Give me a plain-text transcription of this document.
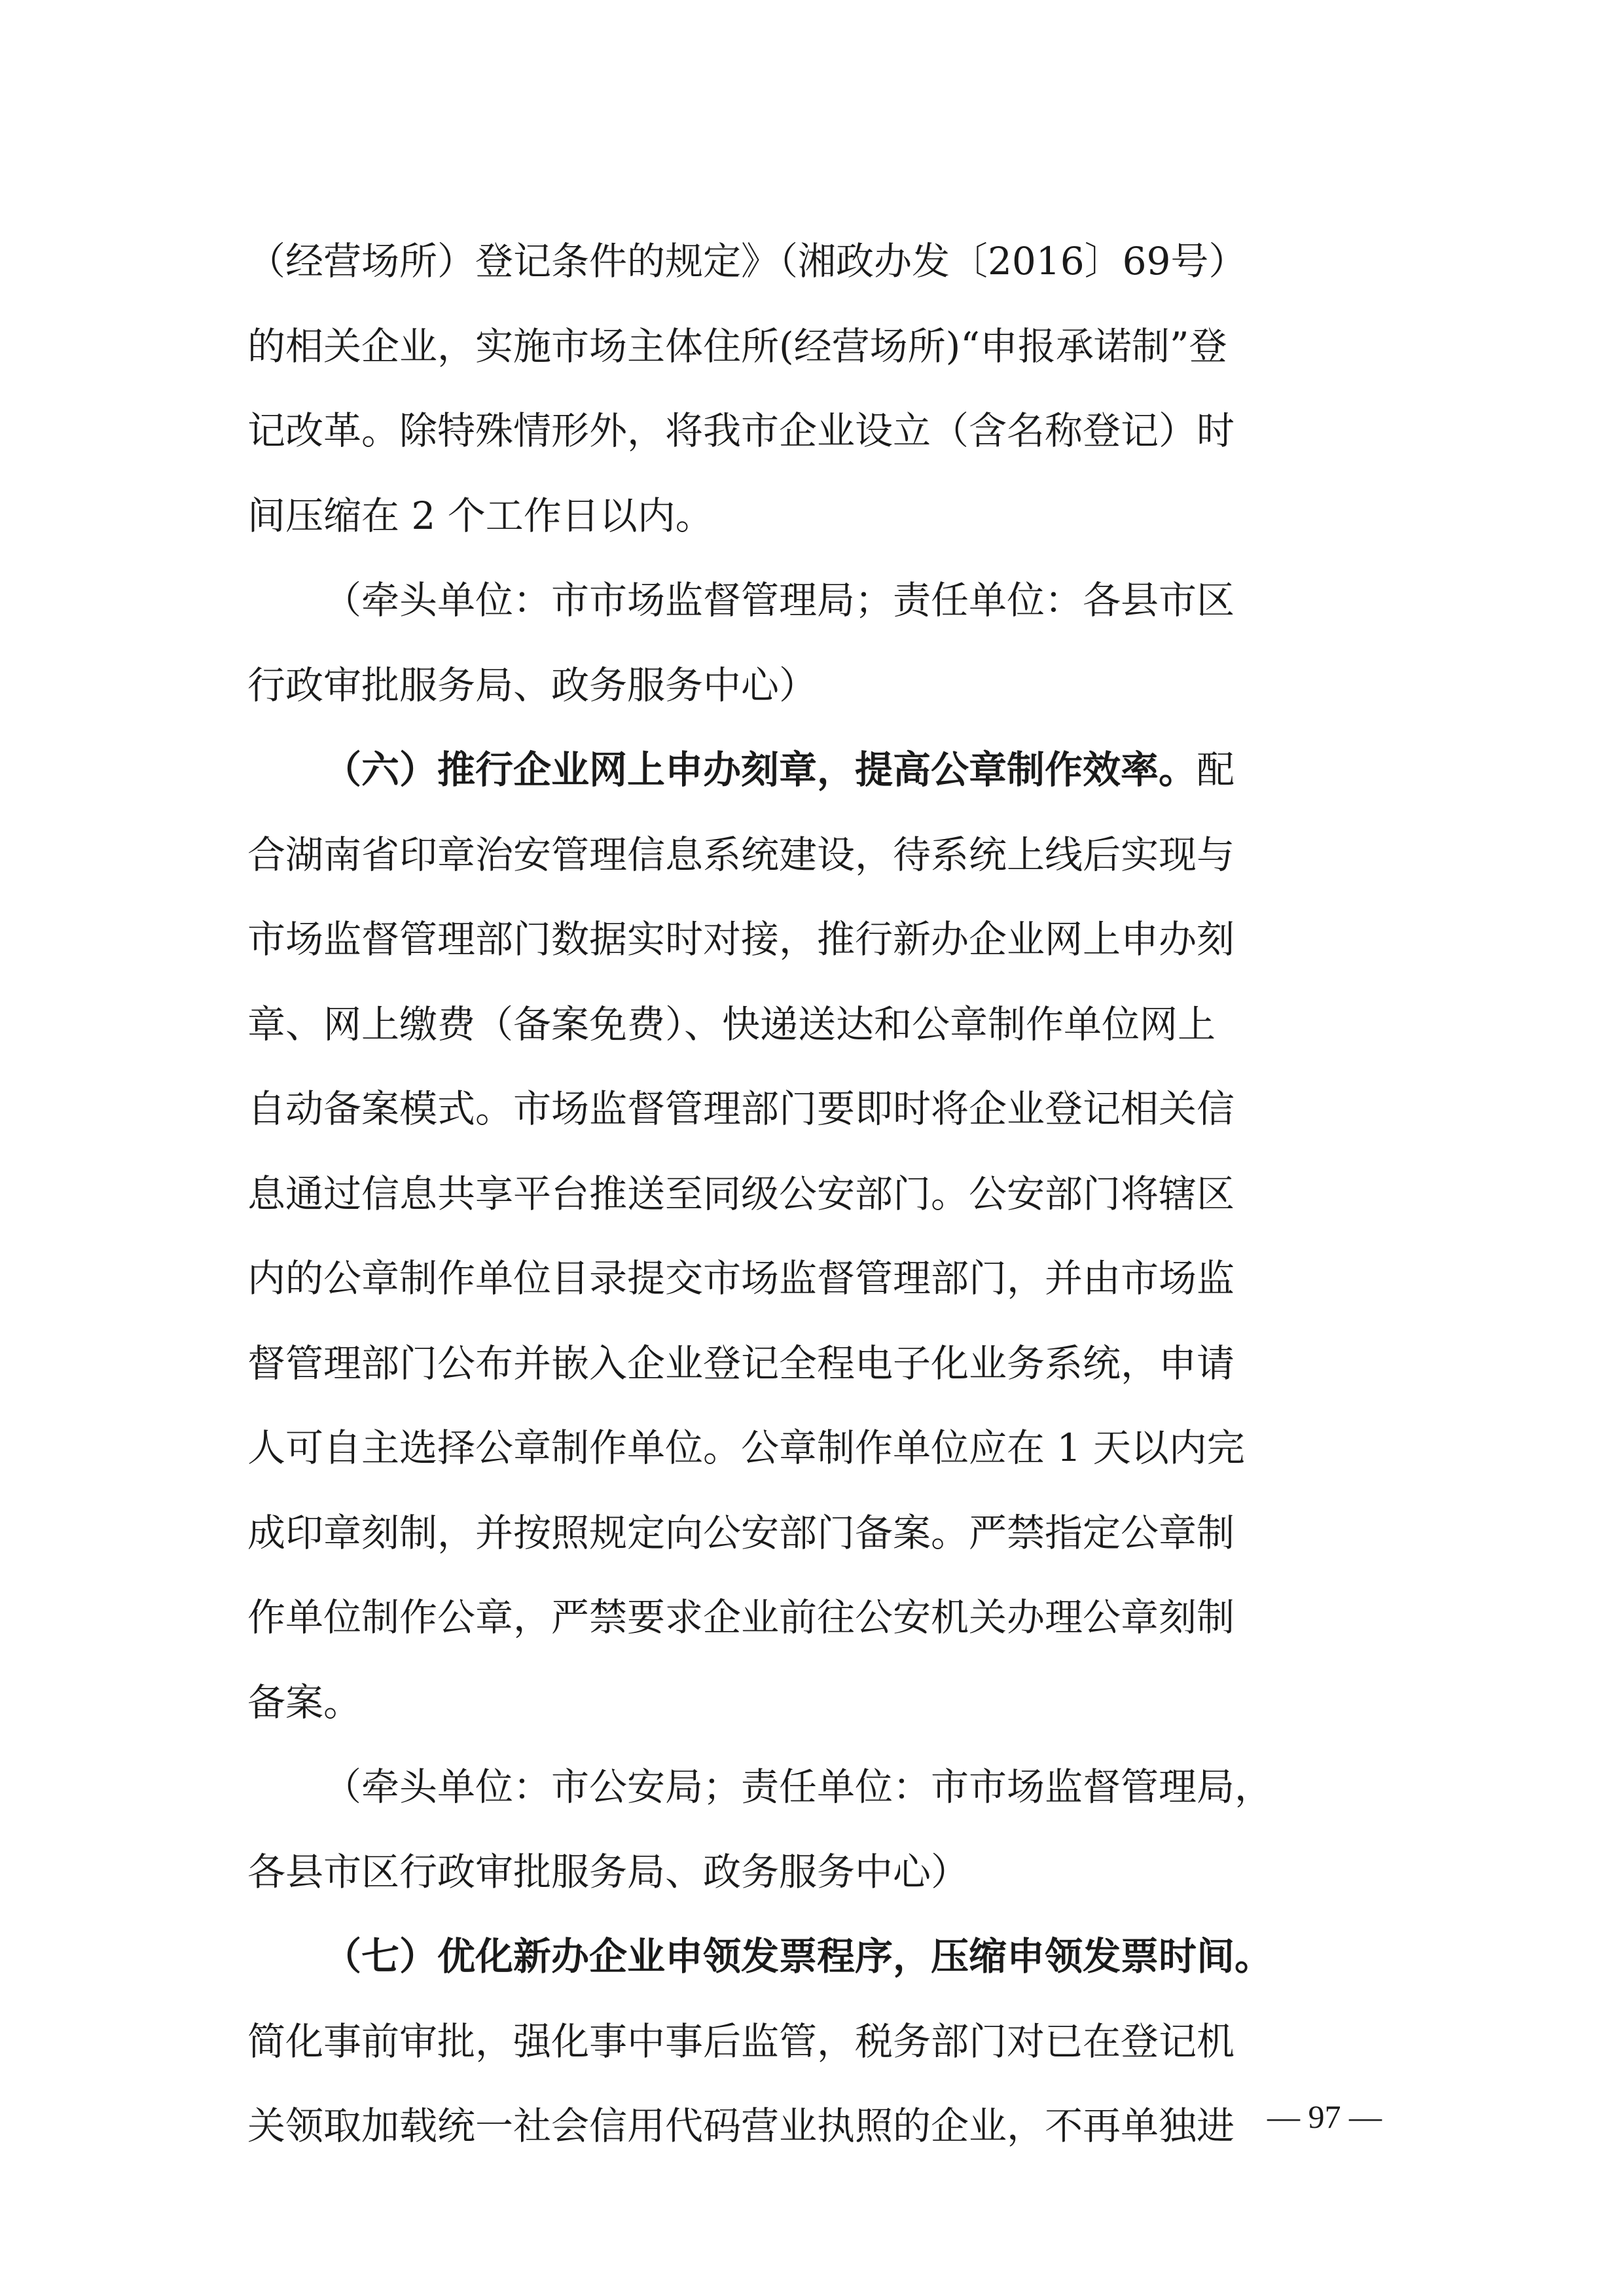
（经营场所）登记条件的规定》（湘政办发〔2016〕69号）
的相关企业，实施市场主体住所(经营场所)“申报承诺制”登
记改革。除特殊情形外，将我市企业设立（含名称登记）时
间压缩在 2 个工作日以内。
（牵头单位：市市场监督管理局；责任单位：各县市区
行政审批服务局、政务服务中心）
（六）推行企业网上申办刻章，提高公章制作效率。配
合湖南省印章治安管理信息系统建设，待系统上线后实现与
市场监督管理部门数据实时对接，推行新办企业网上申办刻
章、网上缴费（备案免费）、快递送达和公章制作单位网上
自动备案模式。市场监督管理部门要即时将企业登记相关信
息通过信息共享平台推送至同级公安部门。公安部门将辖区
内的公章制作单位目录提交市场监督管理部门，并由市场监
督管理部门公布并嵌入企业登记全程电子化业务系统，申请
人可自主选择公章制作单位。公章制作单位应在 1 天以内完
成印章刻制，并按照规定向公安部门备案。严禁指定公章制
作单位制作公章，严禁要求企业前往公安机关办理公章刻制
备案。
（牵头单位：市公安局；责任单位：市市场监督管理局，
各县市区行政审批服务局、政务服务中心）
（七）优化新办企业申领发票程序，压缩申领发票时间。
简化事前审批，强化事中事后监管，税务部门对已在登记机
关领取加载统一社会信用代码营业执照的企业，不再单独进 — 97 —
